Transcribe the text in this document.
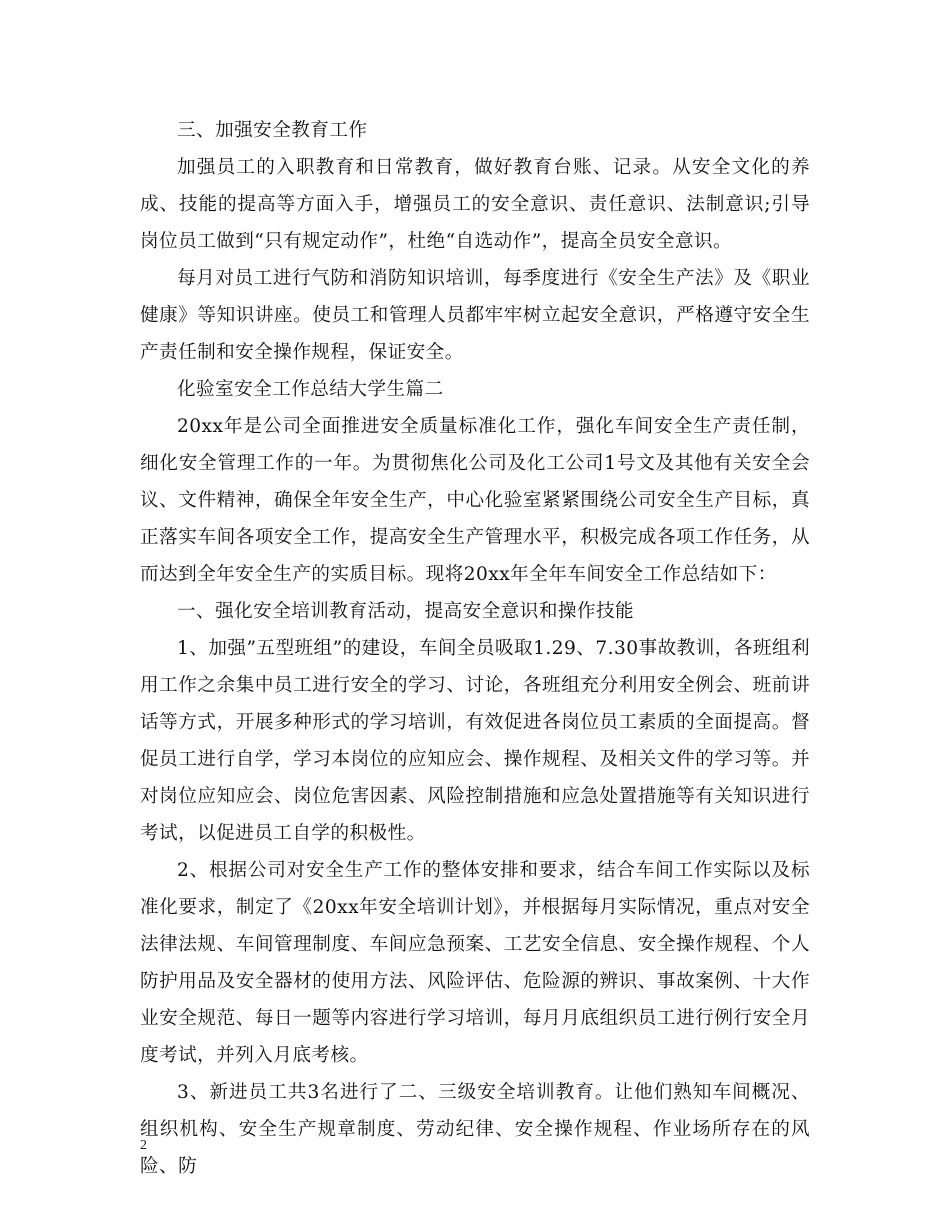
三、加强安全教育工作

加强员工的入职教育和日常教育，做好教育台账、记录。从安全文化的养成、技能的提高等方面入手，增强员工的安全意识、责任意识、法制意识;引导岗位员工做到“只有规定动作”，杜绝“自选动作”，提高全员安全意识。

每月对员工进行气防和消防知识培训，每季度进行《安全生产法》及《职业健康》等知识讲座。使员工和管理人员都牢牢树立起安全意识，严格遵守安全生产责任制和安全操作规程，保证安全。

化验室安全工作总结大学生篇二

20xx年是公司全面推进安全质量标准化工作，强化车间安全生产责任制，细化安全管理工作的一年。为贯彻焦化公司及化工公司1号文及其他有关安全会议、文件精神，确保全年安全生产，中心化验室紧紧围绕公司安全生产目标，真正落实车间各项安全工作，提高安全生产管理水平，积极完成各项工作任务，从而达到全年安全生产的实质目标。现将20xx年全年车间安全工作总结如下：

一、强化安全培训教育活动，提高安全意识和操作技能

1、加强”五型班组”的建设，车间全员吸取1.29、7.30事故教训，各班组利用工作之余集中员工进行安全的学习、讨论，各班组充分利用安全例会、班前讲话等方式，开展多种形式的学习培训，有效促进各岗位员工素质的全面提高。督促员工进行自学，学习本岗位的应知应会、操作规程、及相关文件的学习等。并对岗位应知应会、岗位危害因素、风险控制措施和应急处置措施等有关知识进行考试，以促进员工自学的积极性。

2、根据公司对安全生产工作的整体安排和要求，结合车间工作实际以及标准化要求，制定了《20xx年安全培训计划》，并根据每月实际情况，重点对安全法律法规、车间管理制度、车间应急预案、工艺安全信息、安全操作规程、个人防护用品及安全器材的使用方法、风险评估、危险源的辨识、事故案例、十大作业安全规范、每日一题等内容进行学习培训，每月月底组织员工进行例行安全月度考试，并列入月底考核。

3、新进员工共3名进行了二、三级安全培训教育。让他们熟知车间概况、组织机构、安全生产规章制度、劳动纪律、安全操作规程、作业场所存在的风险、防

2
